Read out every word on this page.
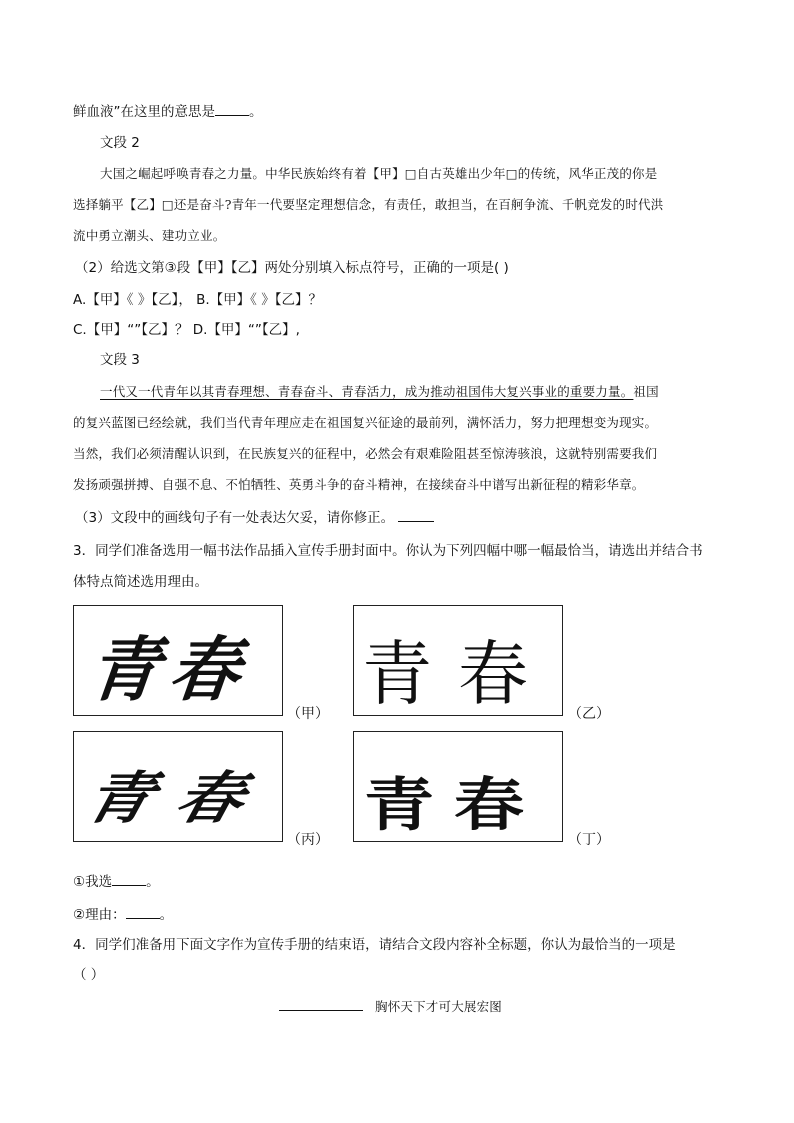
鲜血液”在这里的意思是	。
文段 2
大国之崛起呼唤青春之力量。中华民族始终有着【甲】□自古英雄出少年□的传统，风华正茂的你是
选择躺平【乙】□还是奋斗?青年一代要坚定理想信念，有责任，敢担当，在百舸争流、千帆竞发的时代洪
流中勇立潮头、建功立业。
（2）给选文第③段【甲】【乙】两处分别填入标点符号，正确的一项是( )
A.【甲】《 》【乙】， B.【甲】《 》【乙】？
C.【甲】“”【乙】？ D.【甲】“”【乙】,
文段 3
一代又一代青年以其青春理想、青春奋斗、青春活力，成为推动祖国伟大复兴事业的重要力量。祖国
的复兴蓝图已经绘就，我们当代青年理应走在祖国复兴征途的最前列，满怀活力，努力把理想变为现实。
当然，我们必须清醒认识到，在民族复兴的征程中，必然会有艰难险阻甚至惊涛骇浪，这就特别需要我们
发扬顽强拼搏、自强不息、不怕牺牲、英勇斗争的奋斗精神，在接续奋斗中谱写出新征程的精彩华章。
（3）文段中的画线句子有一处表达欠妥，请你修正。
3．同学们准备选用一幅书法作品插入宣传手册封面中。你认为下列四幅中哪一幅最恰当，请选出并结合书
体特点简述选用理由。
青春
（甲） 青春 （乙）
青春
（丙）
青春
（丁）
①我选	。
②理由：	。
4．同学们准备用下面文字作为宣传手册的结束语，请结合文段内容补全标题，你认为最恰当的一项是
（ ）
胸怀天下才可大展宏图
